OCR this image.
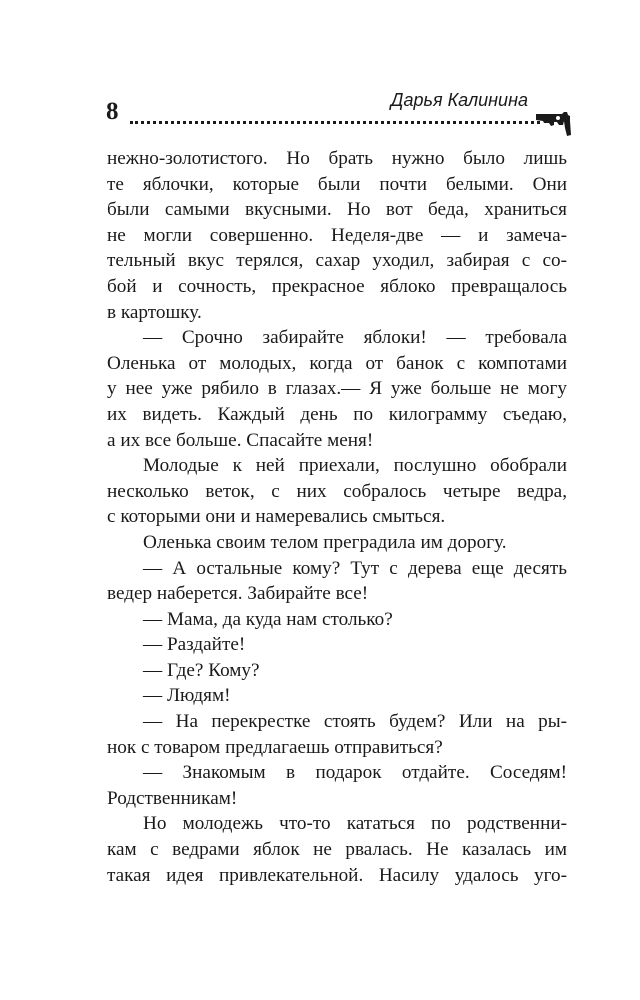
8	Дарья Калинина
нежно-золотистого. Но брать нужно было лишь
те яблочки, которые были почти белыми. Они
были самыми вкусными. Но вот беда, храниться
не могли совершенно. Неделя-две — и замеча-
тельный вкус терялся, сахар уходил, забирая с со-
бой и сочность, прекрасное яблоко превращалось
в картошку.
— Срочно забирайте яблоки! — требовала
Оленька от молодых, когда от банок с компотами
у нее уже рябило в глазах.— Я уже больше не могу
их видеть. Каждый день по килограмму съедаю,
а их все больше. Спасайте меня!
Молодые к ней приехали, послушно обобрали
несколько веток, с них собралось четыре ведра,
с которыми они и намеревались смыться.
Оленька своим телом преградила им дорогу.
— А остальные кому? Тут с дерева еще десять
ведер наберется. Забирайте все!
— Мама, да куда нам столько?
— Раздайте!
— Где? Кому?
— Людям!
— На перекрестке стоять будем? Или на ры-
нок с товаром предлагаешь отправиться?
— Знакомым в подарок отдайте. Соседям!
Родственникам!
Но молодежь что-то кататься по родственни-
кам с ведрами яблок не рвалась. Не казалась им
такая идея привлекательной. Насилу удалось уго-
